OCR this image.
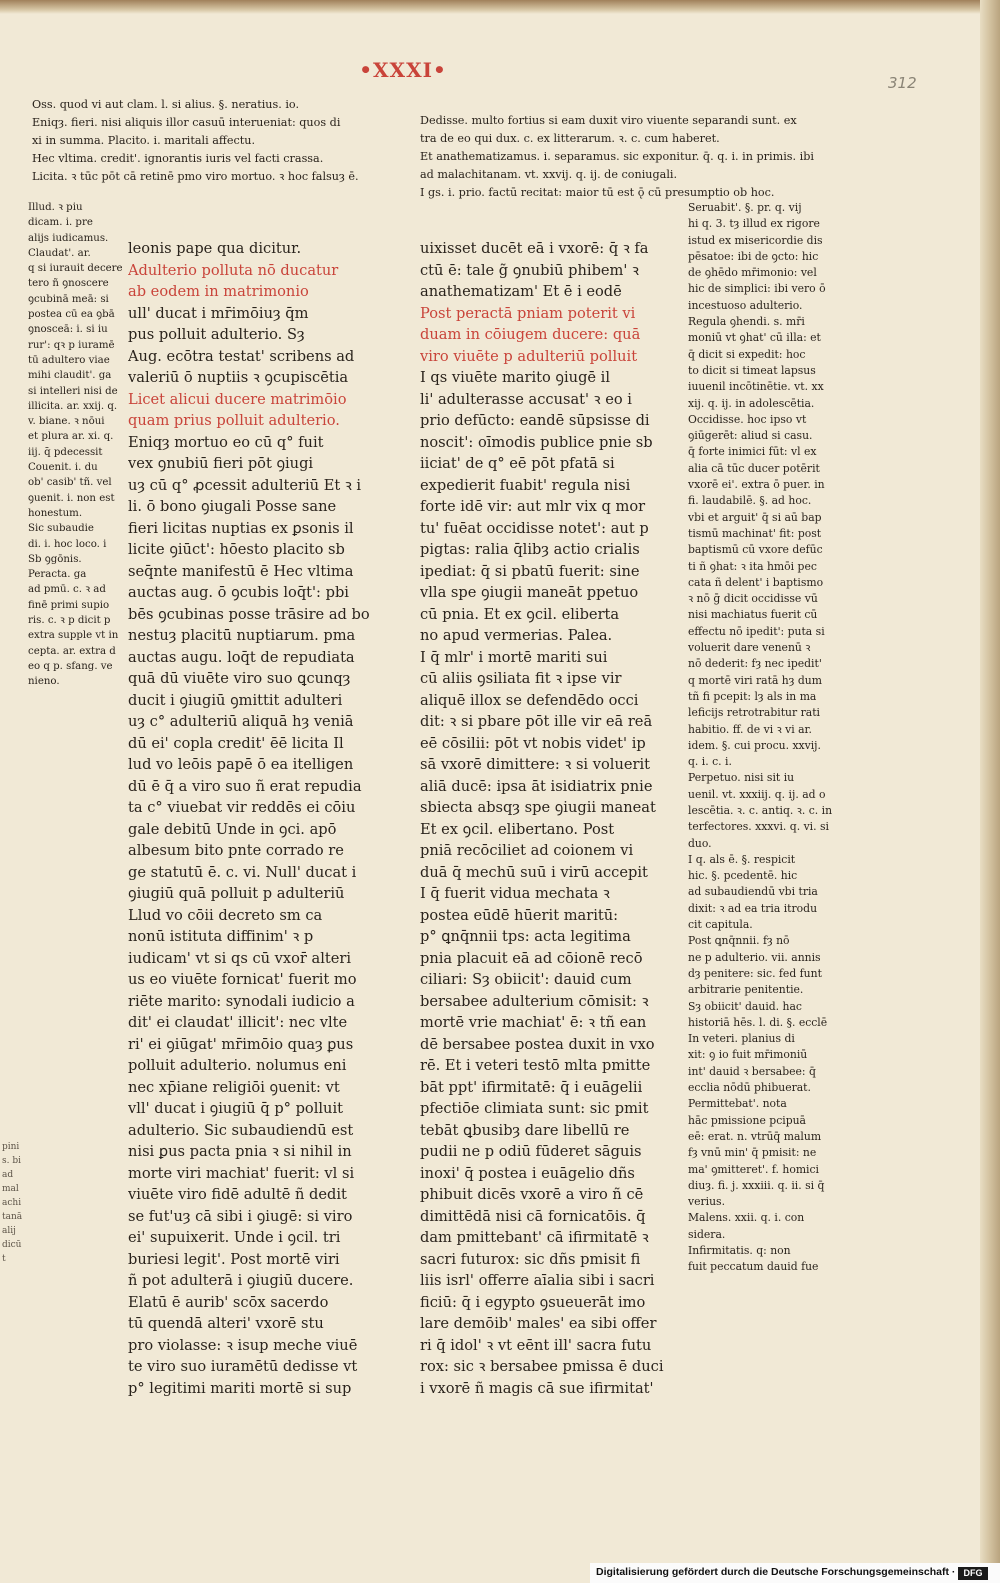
•XXXI•
312
Oss. quod vi aut clam. l. si alius. §. neratius. io.
Eniqȝ. fieri. nisi aliquis illor casuū interueniat: quos di
xi in summa. Placito. i. maritali affectu.
Hec vltima. credit'. ignorantis iuris vel facti crassa.
Licita. ꝛ tūc pōt cā retinē pmo viro mortuo. ꝛ hoc falsuȝ ē.
Dedisse. multo fortius si eam duxit viro viuente separandi sunt. ex
tra de eo qui dux. c. ex litterarum. ꝛ. c. cum haberet.
Et anathematizamus. i. separamus. sic exponitur. q̄. q. i. in primis. ibi
ad malachitanam. vt. xxvij. q. ij. de coniugali.
I gs. i. prio. factū recitat: maior tū est ǭ cū presumptio ob hoc.
Illud. ꝛ piu
dicam. i. pre
alijs iudicamus.
Claudat'. ar.
q si iurauit decere
tero ñ ꝯnoscere
ꝯcubinā meā: si
postea cū ea ꝯbā
ꝯnosceā: i. si iu
rur': qꝛ p iuramē
tū adultero viae
mihi claudit'. ga
si intelleri nisi de
illicita. ar. xxij. q.
v. biane. ꝛ nōui
et plura ar. xi. q.
iij. q̄ pdecessit
Couenit. i. du
ob' casib' tñ. vel
ꝯuenit. i. non est
honestum.
Sic subaudie
di. i. hoc loco. i
Sb ꝯgōnis.
Peracta. ga
ad pmū. c. ꝛ ad
finē primi supio
ris. c. ꝛ p dicit p
extra supple vt in
cepta. ar. extra d
eo q p. sfang. ve
nieno.
leonis pape qua dicitur.
Adulterio polluta nō ducatur
ab eodem in matrimonio
ull' ducat i mr̄imōiuȝ q̄m
pus polluit adulterio. Sȝ
Aug. ecōtra testat' scribens ad
valeriū ō nuptiis ꝛ ꝯcupiscētia
Licet alicui ducere matrimōio
quam prius polluit adulterio.
Eniqȝ mortuo eo cū q° fuit
vex ꝯnubiū fieri pōt ꝯiugi
uȝ cū q° ꝓcessit adulteriū Et ꝛ i
li. ō bono ꝯiugali Posse sane
fieri licitas nuptias ex ꝑsonis il
licite ꝯiūct': hōesto placito sb
seq̄nte manifestū ē Hec vltima
auctas aug. ō ꝯcubis loq̄t': pbi
bēs ꝯcubinas posse trāsire ad bo
nestuȝ placitū nuptiarum. pma
auctas augu. loq̄t de repudiata
quā dū viuēte viro suo ꝗcunqȝ
ducit i ꝯiugiū ꝯmittit adulteri
uȝ c° adulteriū aliquā hȝ veniā
dū ei' copla credit' ēē licita Il
lud vo leōis papē ō ea itelligen
dū ē q̄ a viro suo ñ erat repudia
ta c° viuebat vir reddēs ei cōiu
gale debitū Unde in ꝯci. apō
albesum bito pnte corrado re
ge statutū ē. c. vi. Null' ducat i
ꝯiugiū quā polluit p adulteriū
Llud vo cōii decreto sm ca
nonū istituta diffinim' ꝛ p
iudicam' vt si qs cū vxor̄ alteri
us eo viuēte fornicat' fuerit mo
riēte marito: synodali iudicio a
dit' ei claudat' illicit': nec vlte
ri' ei ꝯiūgat' mr̄imōio quaȝ ꝑus
polluit adulterio. nolumus eni
nec xp̄iane religiōi ꝯuenit: vt
vll' ducat i ꝯiugiū q̄ p° polluit
adulterio. Sic subaudiendū est
nisi ꝑus pacta pnia ꝛ si nihil in
morte viri machiat' fuerit: vl si
viuēte viro fidē adultē ñ dedit
se fut'uȝ cā sibi i ꝯiugē: si viro
ei' supuixerit. Unde i ꝯcil. tri
buriesi legit'. Post mortē viri
ñ pot adulterā i ꝯiugiū ducere.
Elatū ē aurib' scōx sacerdo
tū quendā alteri' vxorē stu
pro violasse: ꝛ isup meche viuē
te viro suo iuramētū dedisse vt
p° legitimi mariti mortē si sup
uixisset ducēt eā i vxorē: q̄ ꝛ fa
ctū ē: tale g̃ ꝯnubiū phibem' ꝛ
anathematizam' Et ē i eodē
Post peractā pniam poterit vi
duam in cōiugem ducere: quā
viro viuēte p adulteriū polluit
I qs viuēte marito ꝯiugē il
li' adulterasse accusat' ꝛ eo i
prio defūcto: eandē sūpsisse di
noscit': oīmodis publice pnie sb
iiciat' de q° eē pōt pfatā si
expedierit fuabit' regula nisi
forte idē vir: aut mlr vix q mor
tu' fuēat occidisse notet': aut p
pigtas: ralia q̄libȝ actio crialis
ipediat: q̄ si pbatū fuerit: sine
vlla spe ꝯiugii maneāt ppetuo
cū pnia. Et ex ꝯcil. eliberta
no apud vermerias. Palea.
I q̄ mlr' i mortē mariti sui
cū aliis ꝯsiliata fit ꝛ ipse vir
aliquē illox se defendēdo occi
dit: ꝛ si pbare pōt ille vir eā reā
eē cōsilii: pōt vt nobis videt' ip
sā vxorē dimittere: ꝛ si voluerit
aliā ducē: ipsa āt isidiatrix pnie
sbiecta absqȝ spe ꝯiugii maneat
Et ex ꝯcil. elibertano. Post
pniā recōciliet ad coionem vi
duā q̄ mechū suū i virū accepit
I q̄ fuerit vidua mechata ꝛ
postea eūdē hūerit maritū:
p° ꝗnq̄nnii tps: acta legitima
pnia placuit eā ad cōionē recō
ciliari: Sȝ obiicit': dauid cum
bersabee adulterium cōmisit: ꝛ
mortē vrie machiat' ē: ꝛ tñ ean
dē bersabee postea duxit in vxo
rē. Et i veteri testō mlta pmitte
bāt ppt' ifirmitatē: q̄ i euāgelii
pfectiōe climiata sunt: sic pmit
tebāt ꝗbusibȝ dare libellū re
pudii ne p odiū fūderet sāguis
inoxi' q̄ postea i euāgelio dñs
phibuit dicēs vxorē a viro ñ cē
dimittēdā nisi cā fornicatōis. q̄
dam pmittebant' cā ifirmitatē ꝛ
sacri futurox: sic dñs pmisit fi
liis isrl' offerre aīalia sibi i sacri
ficiū: q̄ i egypto ꝯsueuerāt imo
lare demōib' males' ea sibi offer
ri q̄ idol' ꝛ vt eēnt ill' sacra futu
rox: sic ꝛ bersabee pmissa ē duci
i vxorē ñ magis cā sue ifirmitat'
Seruabit'. §. pr. q. vij
hi q. 3. tȝ illud ex rigore
istud ex misericordie dis
pēsatoe: ibi de ꝯcto: hic
de ꝯhēdo mr̄imonio: vel
hic de simplici: ibi vero ō
incestuoso adulterio.
Regula ꝯhendi. s. mr̄i
moniū vt ꝯhat' cū illa: et
q̄ dicit si expedit: hoc
to dicit si timeat lapsus
iuuenil incōtinētie. vt. xx
xij. q. ij. in adolescētia.
Occidisse. hoc ipso vt
ꝯiūgerēt: aliud si casu.
q̄ forte inimici fūt: vl ex
alia cā tūc ducer potērit
vxorē ei'. extra ō puer. in
fi. laudabilē. §. ad hoc.
vbi et arguit' q̄ si aū bap
tismū machinat' fit: post
baptismū cū vxore defūc
ti ñ ꝯhat: ꝛ ita hmōi pec
cata ñ delent' i baptismo
ꝛ nō ḡ dicit occidisse vū
nisi machiatus fuerit cū
effectu nō ipedit': puta si
voluerit dare venenū ꝛ
nō dederit: fȝ nec ipedit'
q mortē viri ratā hȝ dum
tñ fi pcepit: lȝ als in ma
leficijs retrotrabitur rati
habitio. ff. de vi ꝛ vi ar.
idem. §. cui procu. xxvij.
q. i. c. i.
Perpetuo. nisi sit iu
uenil. vt. xxxiij. q. ij. ad o
lescētia. ꝛ. c. antiq. ꝛ. c. in
terfectores. xxxvi. q. vi. si
duo.
I q. als ē. §. respicit
hic. §. pcedentē. hic
ad subaudiendū vbi tria
dixit: ꝛ ad ea tria itrodu
cit capitula.
Post ꝗnq̄nnii. fȝ nō
ne p adulterio. vii. annis
dȝ penitere: sic. fed funt
arbitrarie penitentie.
Sȝ obiicit' dauid. hac
historiā hēs. l. di. §. ecclē
In veteri. planius di
xit: ꝯ io fuit mr̄imoniū
int' dauid ꝛ bersabee: q̄
ecclia nōdū phibuerat.
Permittebat'. nota
hāc pmissione pcipuā
eē: erat. n. vtrūq̄ malum
fȝ vnū min' q̄ pmisit: ne
ma' ꝯmitteret'. f. homici
diuȝ. fi. j. xxxiii. q. ii. si q̄
verius.
Malens. xxii. q. i. con
sidera.
Infirmitatis. q: non
fuit peccatum dauid fue
pinis. bi ad malachitanā alij dicūt
Digitalisierung gefördert durch die Deutsche Forschungsgemeinschaft · DFG
